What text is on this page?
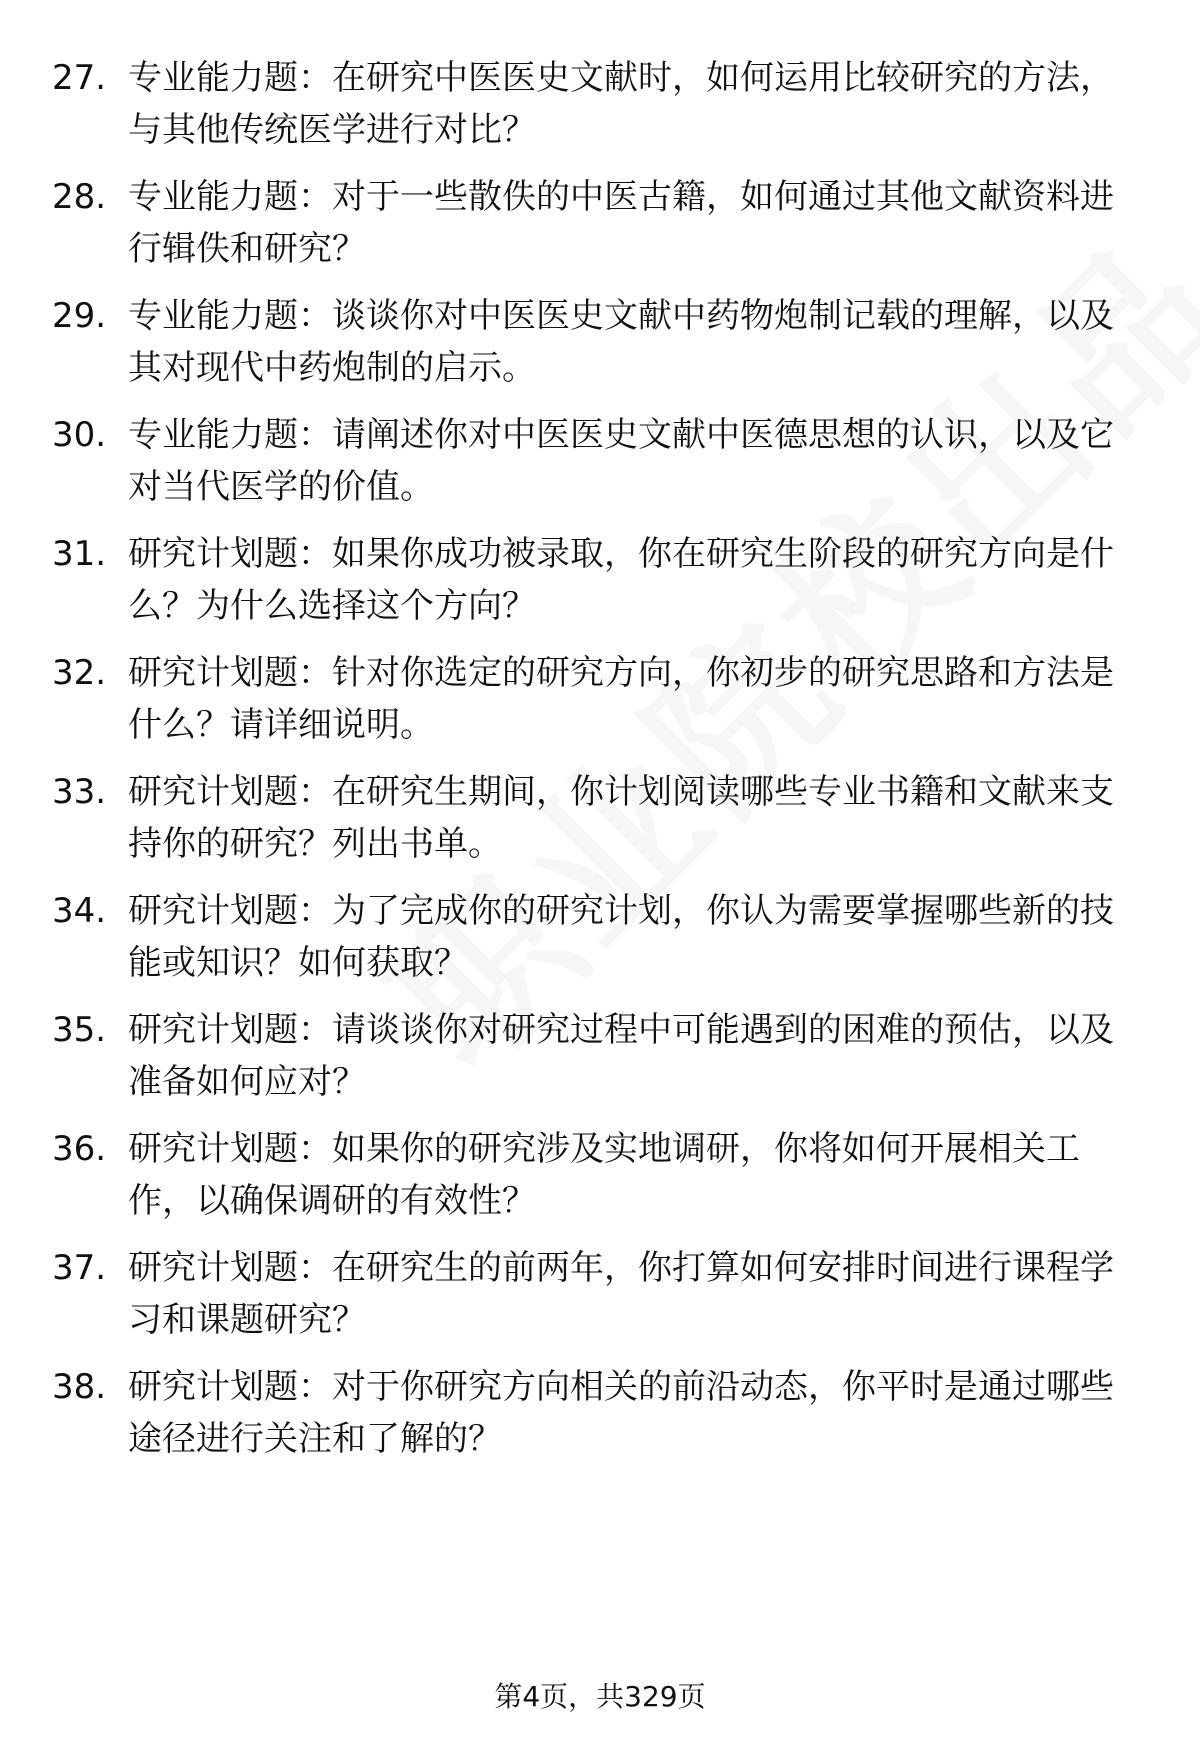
27. 专业能力题：在研究中医医史文献时，如何运用比较研究的方法，与其他传统医学进行对比？
28. 专业能力题：对于一些散佚的中医古籍，如何通过其他文献资料进行辑佚和研究？
29. 专业能力题：谈谈你对中医医史文献中药物炮制记载的理解，以及其对现代中药炮制的启示。
30. 专业能力题：请阐述你对中医医史文献中医德思想的认识，以及它对当代医学的价值。
31. 研究计划题：如果你成功被录取，你在研究生阶段的研究方向是什么？为什么选择这个方向？
32. 研究计划题：针对你选定的研究方向，你初步的研究思路和方法是什么？请详细说明。
33. 研究计划题：在研究生期间，你计划阅读哪些专业书籍和文献来支持你的研究？列出书单。
34. 研究计划题：为了完成你的研究计划，你认为需要掌握哪些新的技能或知识？如何获取？
35. 研究计划题：请谈谈你对研究过程中可能遇到的困难的预估，以及准备如何应对？
36. 研究计划题：如果你的研究涉及实地调研，你将如何开展相关工作，以确保调研的有效性？
37. 研究计划题：在研究生的前两年，你打算如何安排时间进行课程学习和课题研究？
38. 研究计划题：对于你研究方向相关的前沿动态，你平时是通过哪些途径进行关注和了解的？
第4页，共329页
